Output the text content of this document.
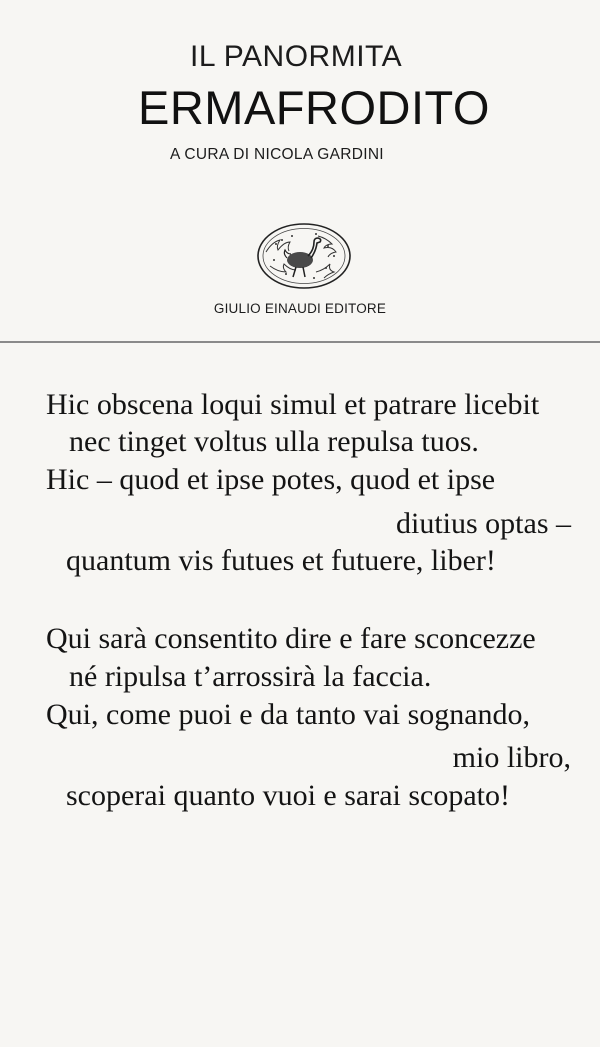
IL PANORMITA
ERMAFRODITO
A CURA DI NICOLA GARDINI
GIULIO EINAUDI EDITORE
Hic obscena loqui simul et patrare licebit
nec tinget voltus ulla repulsa tuos.
Hic – quod et ipse potes, quod et ipse
diutius optas –
quantum vis futues et futuere, liber!
Qui sarà consentito dire e fare sconcezze
né ripulsa t’arrossirà la faccia.
Qui, come puoi e da tanto vai sognando,
mio libro,
scoperai quanto vuoi e sarai scopato!
